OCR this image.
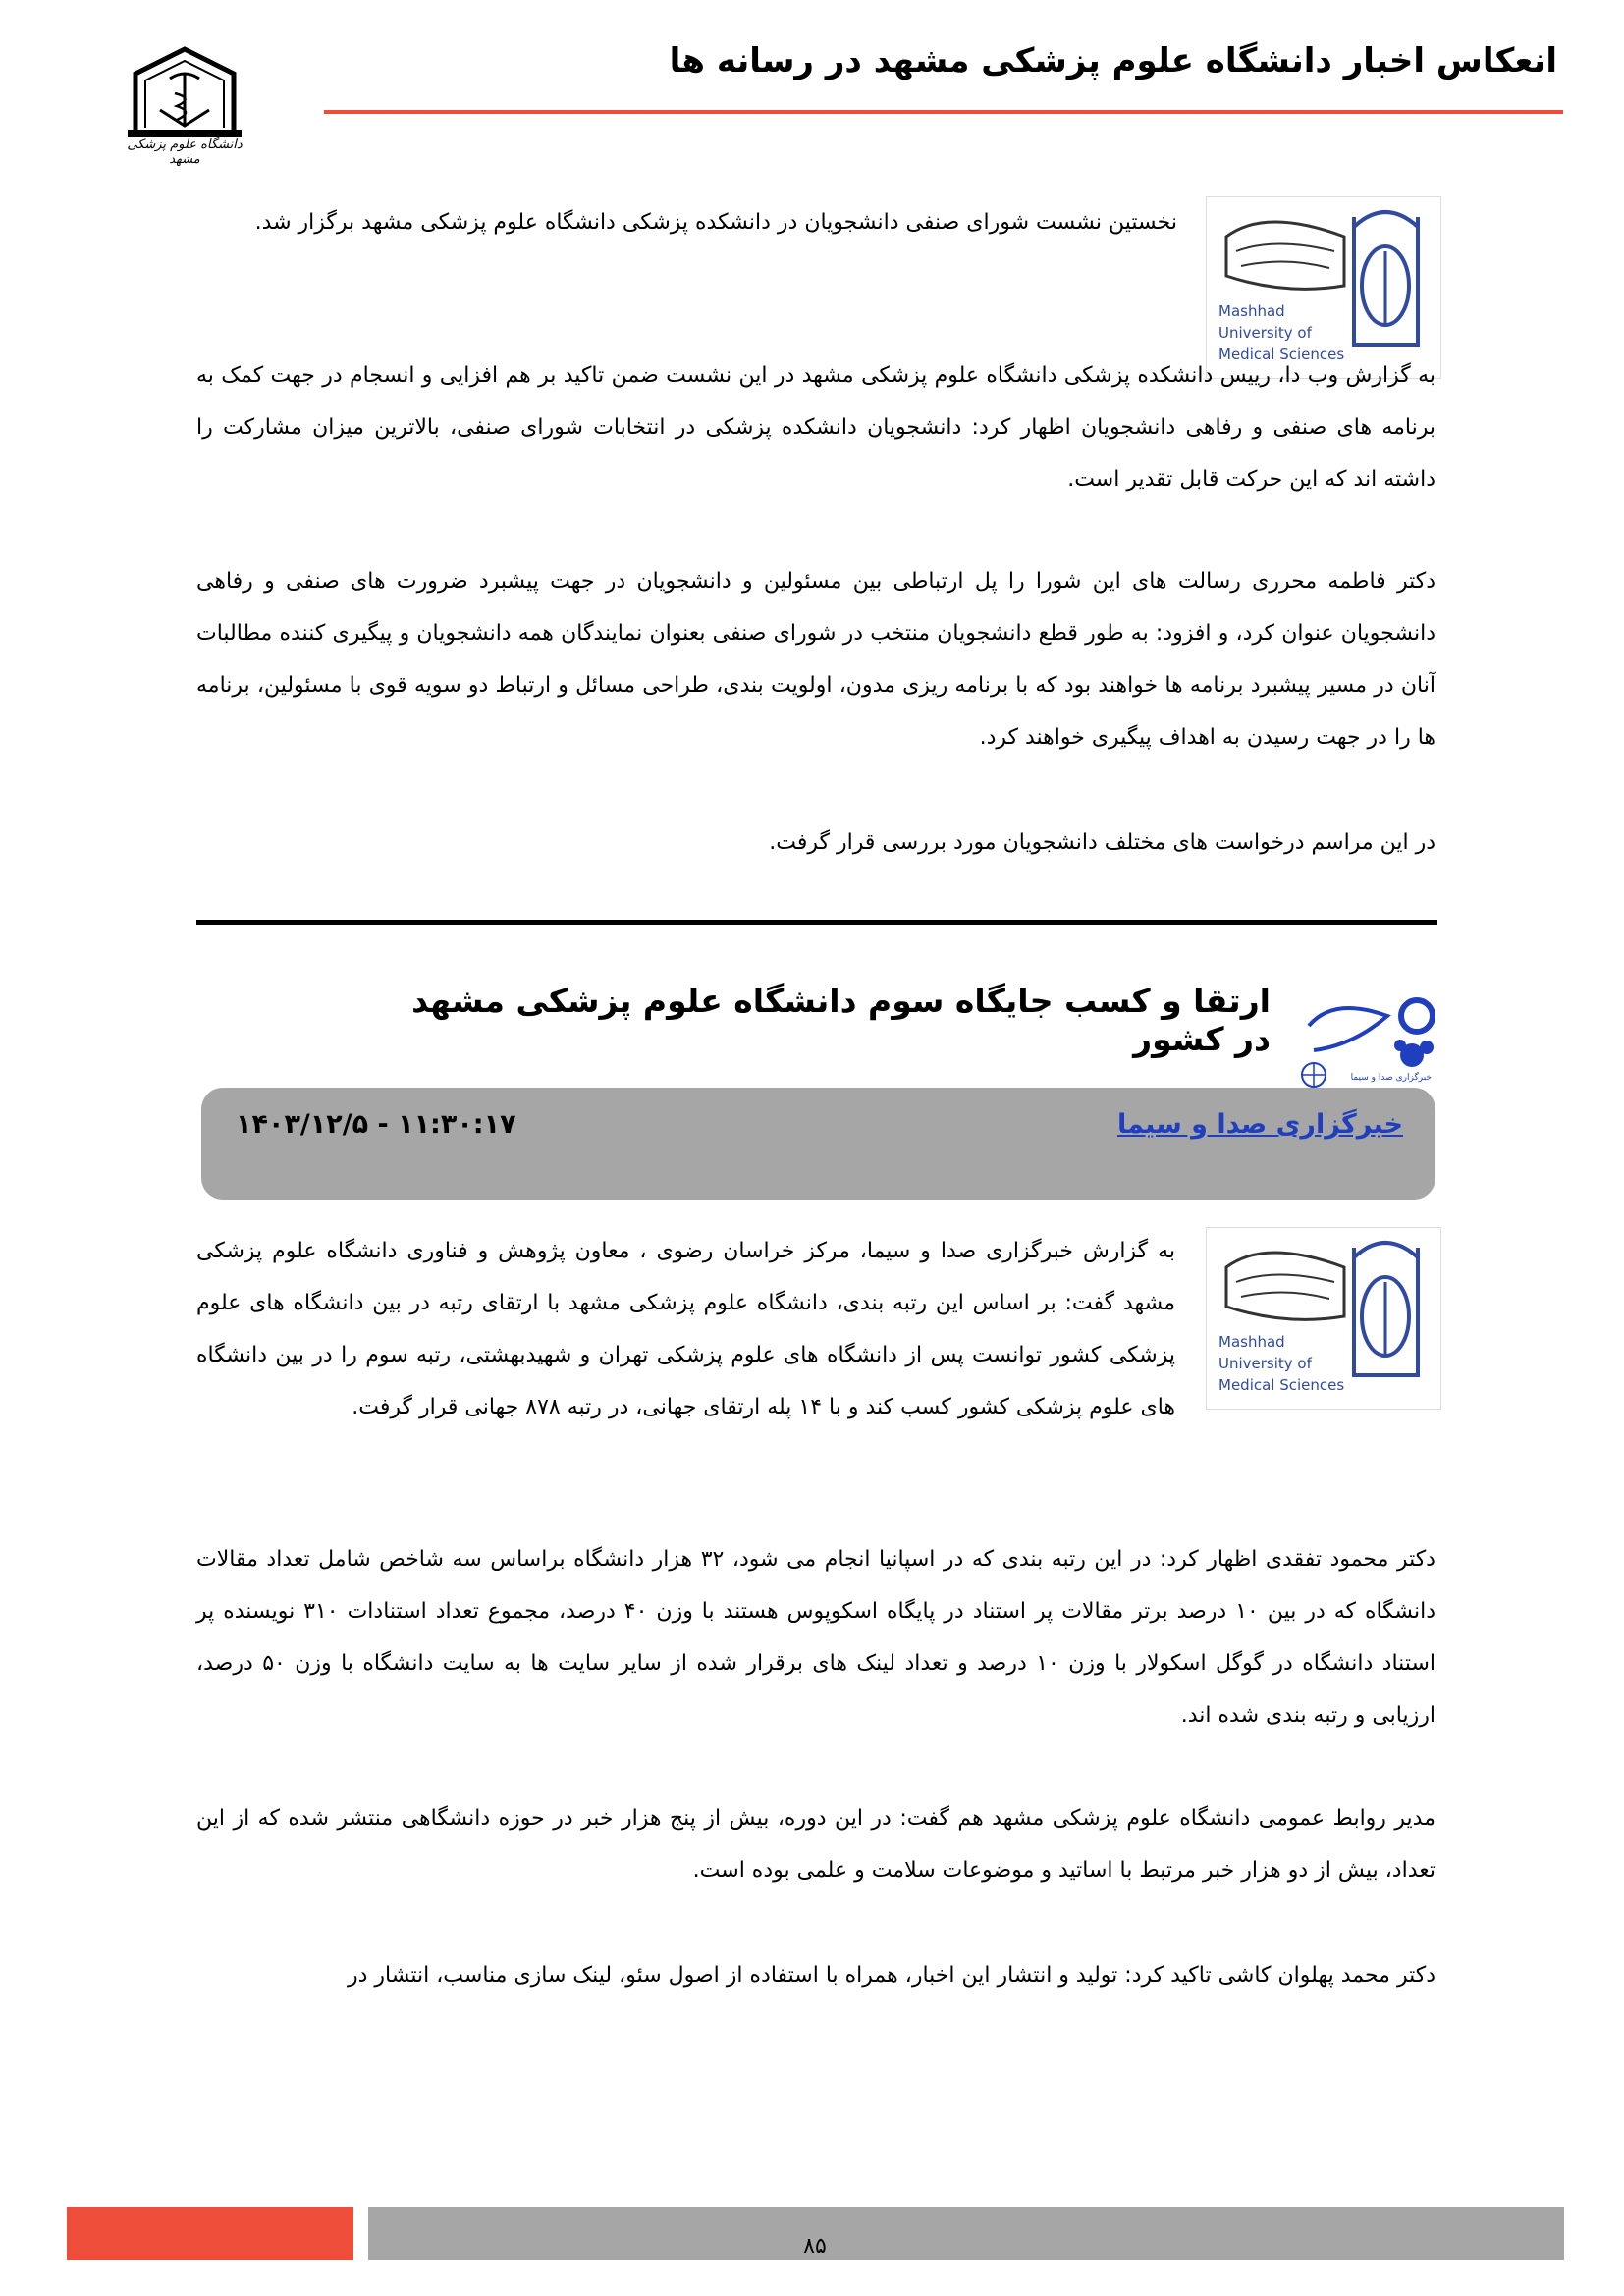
انعکاس اخبار دانشگاه علوم پزشکی مشهد در رسانه ها
دانشگاه علوم پزشکی مشهد
Mashhad University of Medical Sciences
نخستین نشست شورای صنفی دانشجویان در دانشکده پزشکی دانشگاه علوم پزشکی مشهد برگزار شد.
به گزارش وب دا، رییس دانشکده پزشکی دانشگاه علوم پزشکی مشهد در این نشست ضمن تاکید بر هم افزایی و انسجام در جهت کمک به برنامه های صنفی و رفاهی دانشجویان اظهار کرد: دانشجویان دانشکده پزشکی در انتخابات شورای صنفی، بالاترین میزان مشارکت را داشته اند که این حرکت قابل تقدیر است.
دکتر فاطمه محرری رسالت های این شورا را پل ارتباطی بین مسئولین و دانشجویان در جهت پیشبرد ضرورت های صنفی و رفاهی دانشجویان عنوان کرد، و افزود: به طور قطع دانشجویان منتخب در شورای صنفی بعنوان نمایندگان همه دانشجویان و پیگیری کننده مطالبات آنان در مسیر پیشبرد برنامه ها خواهند بود که با برنامه ریزی مدون، اولویت بندی، طراحی مسائل و ارتباط دو سویه قوی با مسئولین، برنامه ها را در جهت رسیدن به اهداف پیگیری خواهند کرد.
در این مراسم درخواست های مختلف دانشجویان مورد بررسی قرار گرفت.
خبرگزاری صدا و سیما
ارتقا و کسب جایگاه سوم دانشگاه علوم پزشکی مشهد در کشور
خبرگزاری صدا و سیما
۱۴۰۳/۱۲/۵ - ۱۱:۳۰:۱۷
Mashhad University of Medical Sciences
به گزارش خبرگزاری صدا و سیما، مرکز خراسان رضوی ، معاون پژوهش و فناوری دانشگاه علوم پزشکی مشهد گفت: بر اساس این رتبه بندی، دانشگاه علوم پزشکی مشهد با ارتقای رتبه در بین دانشگاه های علوم پزشکی کشور توانست پس از دانشگاه های علوم پزشکی تهران و شهیدبهشتی، رتبه سوم را در بین دانشگاه های علوم پزشکی کشور کسب کند و با ۱۴ پله ارتقای جهانی، در رتبه ۸۷۸ جهانی قرار گرفت.
دکتر محمود تفقدی اظهار کرد: در این رتبه بندی که در اسپانیا انجام می شود، ۳۲ هزار دانشگاه براساس سه شاخص شامل تعداد مقالات دانشگاه که در بین ۱۰ درصد برتر مقالات پر استناد در پایگاه اسکوپوس هستند با وزن ۴۰ درصد، مجموع تعداد استنادات ۳۱۰ نویسنده پر استناد دانشگاه در گوگل اسکولار با وزن ۱۰ درصد و تعداد لینک های برقرار شده از سایر سایت ها به سایت دانشگاه با وزن ۵۰ درصد، ارزیابی و رتبه بندی شده اند.
مدیر روابط عمومی دانشگاه علوم پزشکی مشهد هم گفت: در این دوره، بیش از پنج هزار خبر در حوزه دانشگاهی منتشر شده که از این تعداد، بیش از دو هزار خبر مرتبط با اساتید و موضوعات سلامت و علمی بوده است.
دکتر محمد پهلوان کاشی تاکید کرد: تولید و انتشار این اخبار، همراه با استفاده از اصول سئو، لینک سازی مناسب، انتشار در
۸۵
